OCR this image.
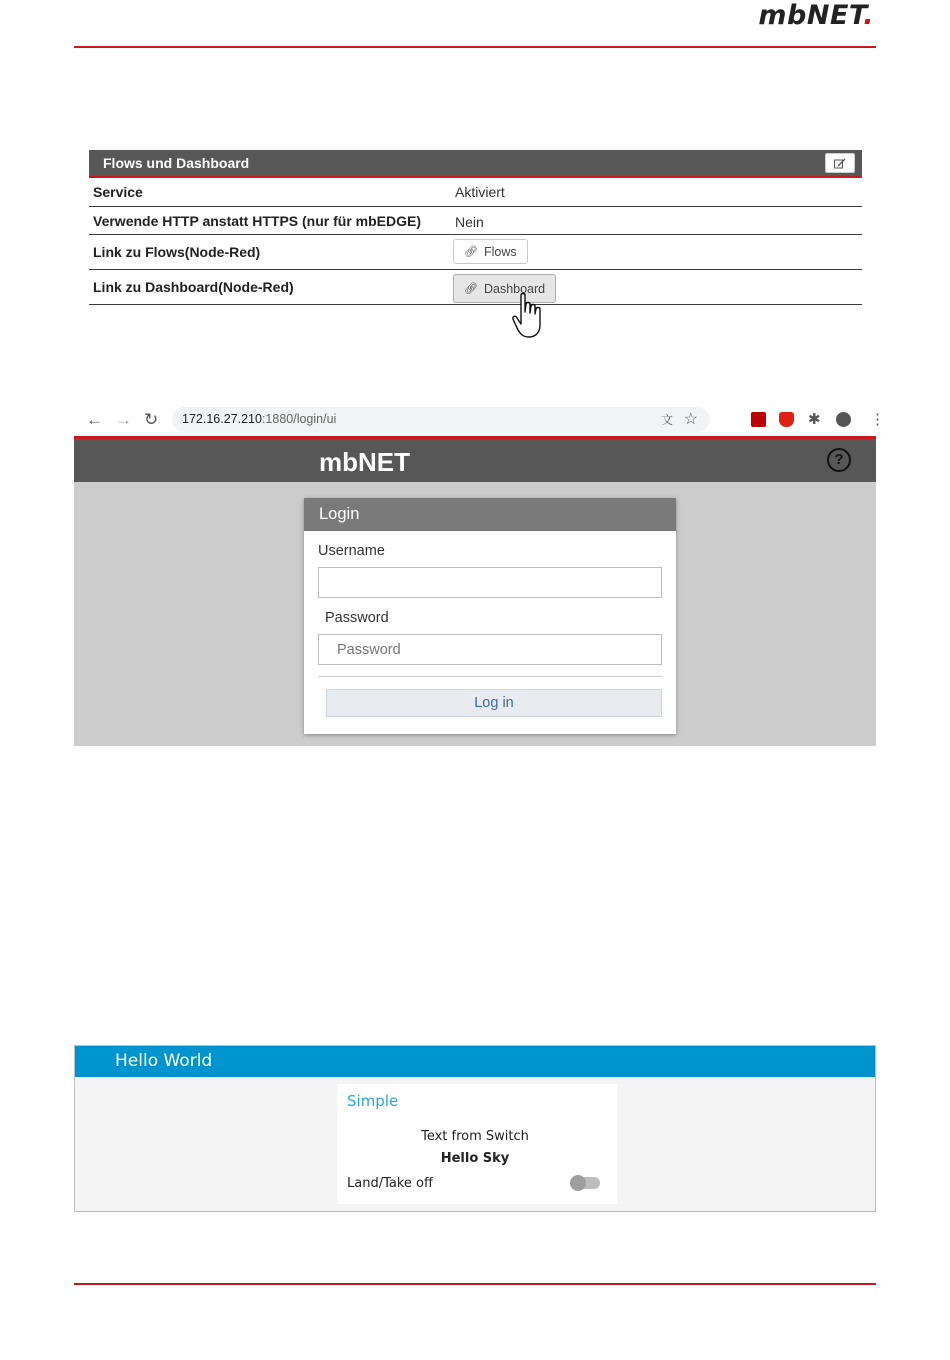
mbNET.
Flows und Dashboard
Service	Aktiviert
Verwende HTTP anstatt HTTPS (nur für mbEDGE) Nein
Link zu Flows(Node-Red)	🔗︎ Flows
Link zu Dashboard(Node-Red)	🔗︎ Dashboard
← → ↻ 172.16.27.210:1880/login/ui	文 ☆	✱	⋮
mbNET	?
Login
Username
Password
Log in
Hello World
Simple
Text from Switch
Hello Sky
Land/Take off
